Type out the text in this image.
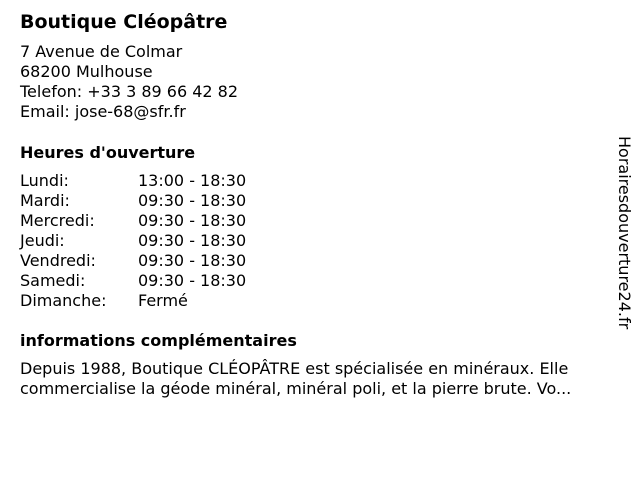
Boutique Cléopâtre
7 Avenue de Colmar
68200 Mulhouse
Telefon: +33 3 89 66 42 82
Email: jose-68@sfr.fr
Heures d'ouverture
Lundi:	13:00 - 18:30
Mardi:	09:30 - 18:30
Mercredi:	09:30 - 18:30
Jeudi:	09:30 - 18:30
Vendredi:	09:30 - 18:30
Samedi:	09:30 - 18:30
Dimanche:	Fermé
informations complémentaires
Depuis 1988, Boutique CLÉOPÂTRE est spécialisée en minéraux. Elle
commercialise la géode minéral, minéral poli, et la pierre brute. Vo...
Horairesdouverture24.fr
